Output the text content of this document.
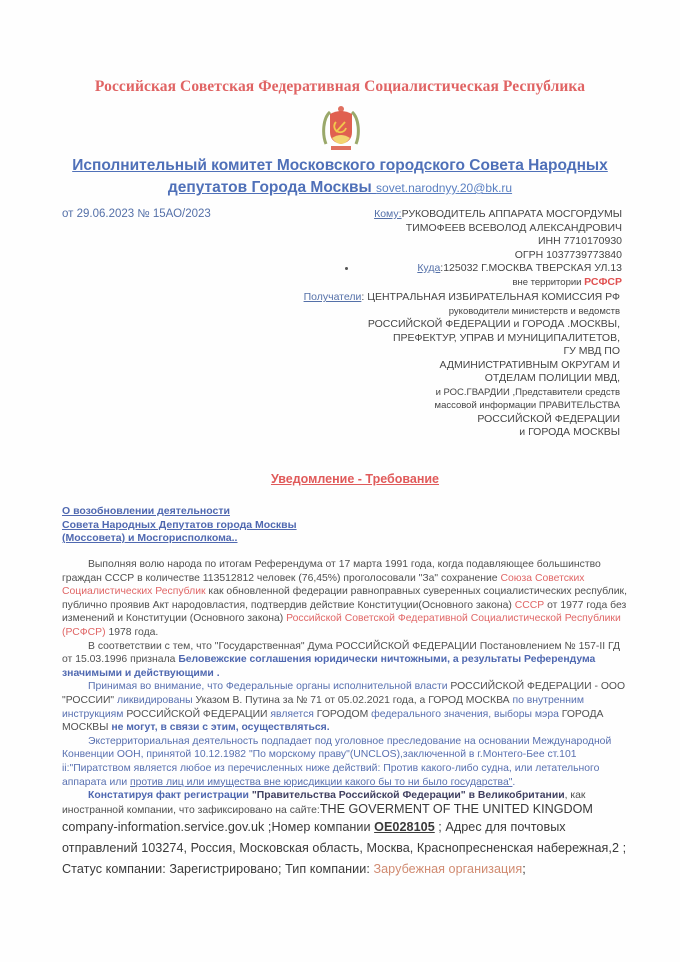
Российская Советская Федеративная Социалистическая Республика
Исполнительный комитет Московского городского Совета Народных
депутатов Города Москвы sovet.narodnyy.20@bk.ru
от 29.06.2023 № 15АО/2023	Кому:РУКОВОДИТЕЛЬ АППАРАТА МОСГОРДУМЫ
ТИМОФЕЕВ ВСЕВОЛОД АЛЕКСАНДРОВИЧ
ИНН 7710170930
ОГРН 1037739773840
Куда:125032 Г.МОСКВА ТВЕРСКАЯ УЛ.13
вне территории РСФСР
Получатели: ЦЕНТРАЛЬНАЯ ИЗБИРАТЕЛЬНАЯ КОМИССИЯ РФ
руководители министерств и ведомств
РОССИЙСКОЙ ФЕДЕРАЦИИ и ГОРОДА .МОСКВЫ,
ПРЕФЕКТУР, УПРАВ И МУНИЦИПАЛИТЕТОВ,
ГУ МВД ПО
АДМИНИСТРАТИВНЫМ ОКРУГАМ И
ОТДЕЛАМ ПОЛИЦИИ МВД,
и РОС.ГВАРДИИ ,Представители средств
массовой информации ПРАВИТЕЛЬСТВА
РОССИЙСКОЙ ФЕДЕРАЦИИ
и ГОРОДА МОСКВЫ
Уведомление - Требование
О возобновлении деятельности
Совета Народных Депутатов города Москвы
(Моссовета) и Мосгорисполкома..

Выполняя волю народа по итогам Референдума от 17 марта 1991 года, когда подавляющее большинство граждан СССР в количестве 113512812 человек (76,45%) проголосовали "За" сохранение Союза Советских Социалистических Республик как обновленной федерации равноправных суверенных социалистических республик, публично проявив Акт народовластия, подтвердив действие Конституции(Основного закона) СССР от 1977 года без изменений и Конституции (Основного закона) Российской Советской Федеративной Социалистической Республики (РСФСР) 1978 года.

В соответствии с тем, что "Государственная" Дума РОССИЙСКОЙ ФЕДЕРАЦИИ Постановлением № 157-II ГД от 15.03.1996 признала Беловежские соглашения юридически ничтожными, а результаты Референдума значимыми и действующими .

Принимая во внимание, что Федеральные органы исполнительной власти РОССИЙСКОЙ ФЕДЕРАЦИИ - ООО "РОССИИ" ликвидированы Указом В. Путина за № 71 от 05.02.2021 года, а ГОРОД МОСКВА по внутренним инструкциям РОССИЙСКОЙ ФЕДЕРАЦИИ является ГОРОДОМ федерального значения, выборы мэра ГОРОДА МОСКВЫ не могут, в связи с этим, осуществляться.

Экстерриториальная деятельность подпадает под уголовное преследование на основании Международной Конвенции ООН, принятой 10.12.1982 "По морскому праву"(UNCLOS),заключенной в г.Монтего-Бее ст.101 ii:"Пиратством является любое из перечисленных ниже действий: Против какого-либо судна, или летательного аппарата или против лиц или имущества вне юрисдикции какого бы то ни было государства".

Констатируя факт регистрации "Правительства Российской Федерации" в Великобритании, как иностранной компании, что зафиксировано на сайте:THE GOVERMENT OF THE UNITED KINGDOM

company-information.service.gov.uk ;Номер компании OE028105 ; Адрес для почтовых отправлений 103274, Россия, Московская область, Москва, Краснопресненская набережная,2 ; Статус компании: Зарегистрировано; Тип компании: Зарубежная организация;
